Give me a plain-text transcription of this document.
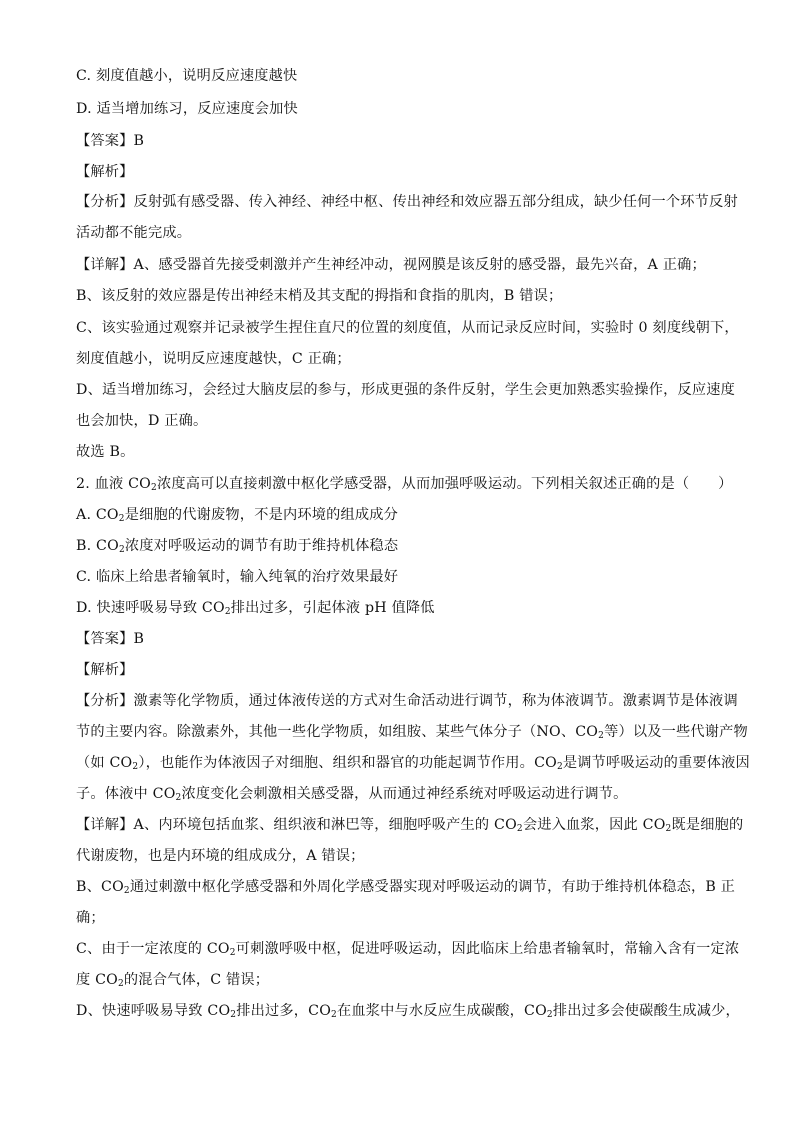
C. 刻度值越小，说明反应速度越快
D. 适当增加练习，反应速度会加快
【答案】B
【解析】
【分析】反射弧有感受器、传入神经、神经中枢、传出神经和效应器五部分组成，缺少任何一个环节反射
活动都不能完成。
【详解】A、感受器首先接受刺激并产生神经冲动，视网膜是该反射的感受器，最先兴奋，A 正确；
B、该反射的效应器是传出神经末梢及其支配的拇指和食指的肌肉，B 错误；
C、该实验通过观察并记录被学生捏住直尺的位置的刻度值，从而记录反应时间，实验时 0 刻度线朝下，
刻度值越小，说明反应速度越快，C 正确；
D、适当增加练习，会经过大脑皮层的参与，形成更强的条件反射，学生会更加熟悉实验操作，反应速度
也会加快，D 正确。
故选 B。
2. 血液 $CO_2$浓度高可以直接刺激中枢化学感受器，从而加强呼吸运动。下列相关叙述正确的是（　　）
A. $CO_2$是细胞的代谢废物，不是内环境的组成成分
B. $CO_2$浓度对呼吸运动的调节有助于维持机体稳态
C. 临床上给患者输氧时，输入纯氧的治疗效果最好
D. 快速呼吸易导致 $CO_2$排出过多，引起体液 pH 值降低
【答案】B
【解析】
【分析】激素等化学物质，通过体液传送的方式对生命活动进行调节，称为体液调节。激素调节是体液调
节的主要内容。除激素外，其他一些化学物质，如组胺、某些气体分子（NO、$CO_2$等）以及一些代谢产物
（如 $CO_2$），也能作为体液因子对细胞、组织和器官的功能起调节作用。$CO_2$是调节呼吸运动的重要体液因
子。体液中 $CO_2$浓度变化会刺激相关感受器，从而通过神经系统对呼吸运动进行调节。
【详解】A、内环境包括血浆、组织液和淋巴等，细胞呼吸产生的 $CO_2$会进入血浆，因此 $CO_2$既是细胞的
代谢废物，也是内环境的组成成分，A 错误；
B、$CO_2$通过刺激中枢化学感受器和外周化学感受器实现对呼吸运动的调节，有助于维持机体稳态，B 正
确；
C、由于一定浓度的 $CO_2$可刺激呼吸中枢，促进呼吸运动，因此临床上给患者输氧时，常输入含有一定浓
度 $CO_2$的混合气体，C 错误；
D、快速呼吸易导致 $CO_2$排出过多，$CO_2$在血浆中与水反应生成碳酸，$CO_2$排出过多会使碳酸生成减少，
